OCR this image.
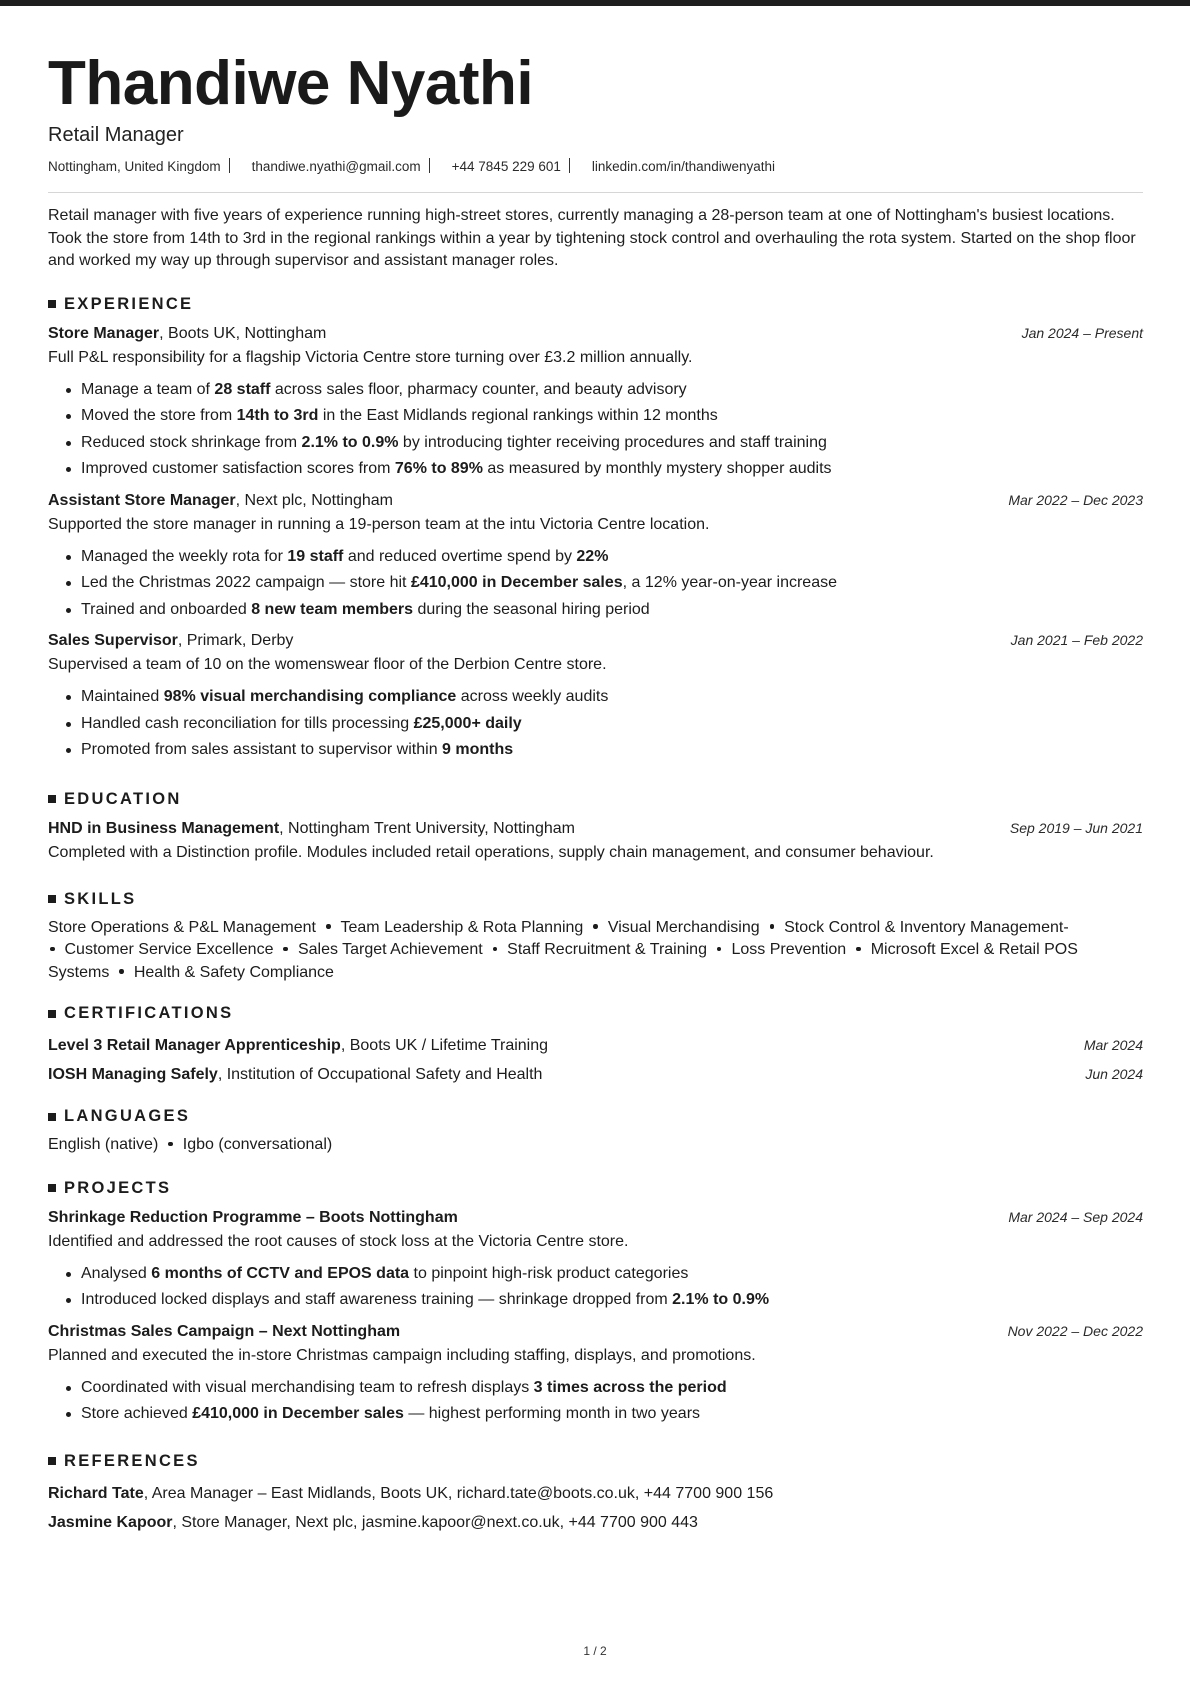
Thandiwe Nyathi
Retail Manager
Nottingham, United Kingdom thandiwe.nyathi@gmail.com +44 7845 229 601 linkedin.com/in/thandiwenyathi

Retail manager with five years of experience running high-street stores, currently managing a 28-person team at one of Nottingham's busiest locations. Took the store from 14th to 3rd in the regional rankings within a year by tightening stock control and overhauling the rota system. Started on the shop floor and worked my way up through supervisor and assistant manager roles.

EXPERIENCE
Store Manager, Boots UK, Nottingham	Jan 2024 – Present

Full P&L responsibility for a flagship Victoria Centre store turning over £3.2 million annually.

Manage a team of 28 staff across sales floor, pharmacy counter, and beauty advisory
Moved the store from 14th to 3rd in the East Midlands regional rankings within 12 months
Reduced stock shrinkage from 2.1% to 0.9% by introducing tighter receiving procedures and staff training
Improved customer satisfaction scores from 76% to 89% as measured by monthly mystery shopper audits
Assistant Store Manager, Next plc, Nottingham	Mar 2022 – Dec 2023

Supported the store manager in running a 19-person team at the intu Victoria Centre location.

Managed the weekly rota for 19 staff and reduced overtime spend by 22%
Led the Christmas 2022 campaign — store hit £410,000 in December sales, a 12% year-on-year increase
Trained and onboarded 8 new team members during the seasonal hiring period
Sales Supervisor, Primark, Derby	Jan 2021 – Feb 2022

Supervised a team of 10 on the womenswear floor of the Derbion Centre store.

Maintained 98% visual merchandising compliance across weekly audits
Handled cash reconciliation for tills processing £25,000+ daily
Promoted from sales assistant to supervisor within 9 months
EDUCATION
HND in Business Management, Nottingham Trent University, Nottingham	Sep 2019 – Jun 2021

Completed with a Distinction profile. Modules included retail operations, supply chain management, and consumer behaviour.

SKILLS
Store Operations & P&L Management Team Leadership & Rota Planning Visual Merchandising Stock Control & Inventory Management-
Customer Service Excellence Sales Target Achievement Staff Recruitment & Training Loss Prevention Microsoft Excel & Retail POS Systems Health & Safety Compliance
CERTIFICATIONS
Level 3 Retail Manager Apprenticeship, Boots UK / Lifetime Training	Mar 2024
IOSH Managing Safely, Institution of Occupational Safety and Health	Jun 2024
LANGUAGES
English (native) Igbo (conversational)
PROJECTS
Shrinkage Reduction Programme – Boots Nottingham	Mar 2024 – Sep 2024

Identified and addressed the root causes of stock loss at the Victoria Centre store.

Analysed 6 months of CCTV and EPOS data to pinpoint high-risk product categories
Introduced locked displays and staff awareness training — shrinkage dropped from 2.1% to 0.9%
Christmas Sales Campaign – Next Nottingham	Nov 2022 – Dec 2022

Planned and executed the in-store Christmas campaign including staffing, displays, and promotions.

Coordinated with visual merchandising team to refresh displays 3 times across the period
Store achieved £410,000 in December sales — highest performing month in two years
REFERENCES
Richard Tate, Area Manager – East Midlands, Boots UK, richard.tate@boots.co.uk, +44 7700 900 156
Jasmine Kapoor, Store Manager, Next plc, jasmine.kapoor@next.co.uk, +44 7700 900 443
1 / 2
